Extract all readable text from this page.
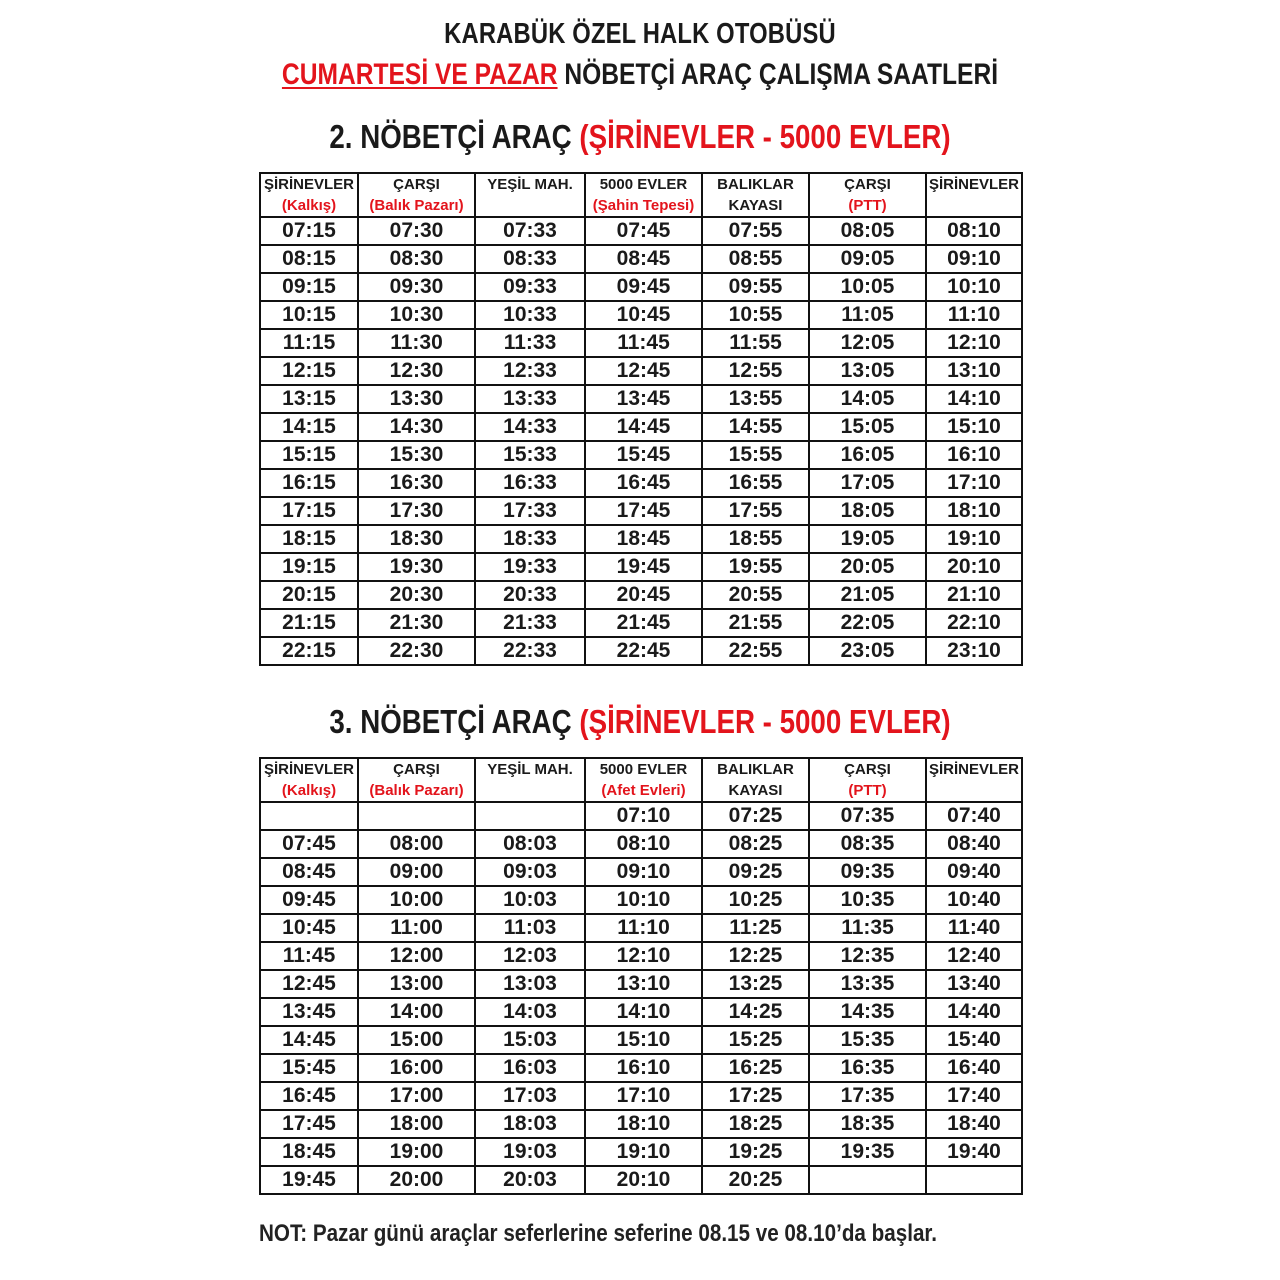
KARABÜK ÖZEL HALK OTOBÜSÜ
CUMARTESİ VE PAZAR NÖBETÇİ ARAÇ ÇALIŞMA SAATLERİ
2. NÖBETÇİ ARAÇ (ŞİRİNEVLER - 5000 EVLER)
ŞİRİNEVLER	ÇARŞI	YEŞİL MAH.	5000 EVLER	BALIKLAR	ÇARŞI	ŞİRİNEVLER
(Kalkış)	(Balık Pazarı)		(Şahin Tepesi)	KAYASI	(PTT)	
07:15	07:30	07:33	07:45	07:55	08:05	08:10
08:15	08:30	08:33	08:45	08:55	09:05	09:10
09:15	09:30	09:33	09:45	09:55	10:05	10:10
10:15	10:30	10:33	10:45	10:55	11:05	11:10
11:15	11:30	11:33	11:45	11:55	12:05	12:10
12:15	12:30	12:33	12:45	12:55	13:05	13:10
13:15	13:30	13:33	13:45	13:55	14:05	14:10
14:15	14:30	14:33	14:45	14:55	15:05	15:10
15:15	15:30	15:33	15:45	15:55	16:05	16:10
16:15	16:30	16:33	16:45	16:55	17:05	17:10
17:15	17:30	17:33	17:45	17:55	18:05	18:10
18:15	18:30	18:33	18:45	18:55	19:05	19:10
19:15	19:30	19:33	19:45	19:55	20:05	20:10
20:15	20:30	20:33	20:45	20:55	21:05	21:10
21:15	21:30	21:33	21:45	21:55	22:05	22:10
22:15	22:30	22:33	22:45	22:55	23:05	23:10
3. NÖBETÇİ ARAÇ (ŞİRİNEVLER - 5000 EVLER)
ŞİRİNEVLER	ÇARŞI	YEŞİL MAH.	5000 EVLER	BALIKLAR	ÇARŞI	ŞİRİNEVLER
(Kalkış)	(Balık Pazarı)		(Afet Evleri)	KAYASI	(PTT)	
			07:10	07:25	07:35	07:40
07:45	08:00	08:03	08:10	08:25	08:35	08:40
08:45	09:00	09:03	09:10	09:25	09:35	09:40
09:45	10:00	10:03	10:10	10:25	10:35	10:40
10:45	11:00	11:03	11:10	11:25	11:35	11:40
11:45	12:00	12:03	12:10	12:25	12:35	12:40
12:45	13:00	13:03	13:10	13:25	13:35	13:40
13:45	14:00	14:03	14:10	14:25	14:35	14:40
14:45	15:00	15:03	15:10	15:25	15:35	15:40
15:45	16:00	16:03	16:10	16:25	16:35	16:40
16:45	17:00	17:03	17:10	17:25	17:35	17:40
17:45	18:00	18:03	18:10	18:25	18:35	18:40
18:45	19:00	19:03	19:10	19:25	19:35	19:40
19:45	20:00	20:03	20:10	20:25		
NOT: Pazar günü araçlar seferlerine seferine 08.15 ve 08.10’da başlar.
